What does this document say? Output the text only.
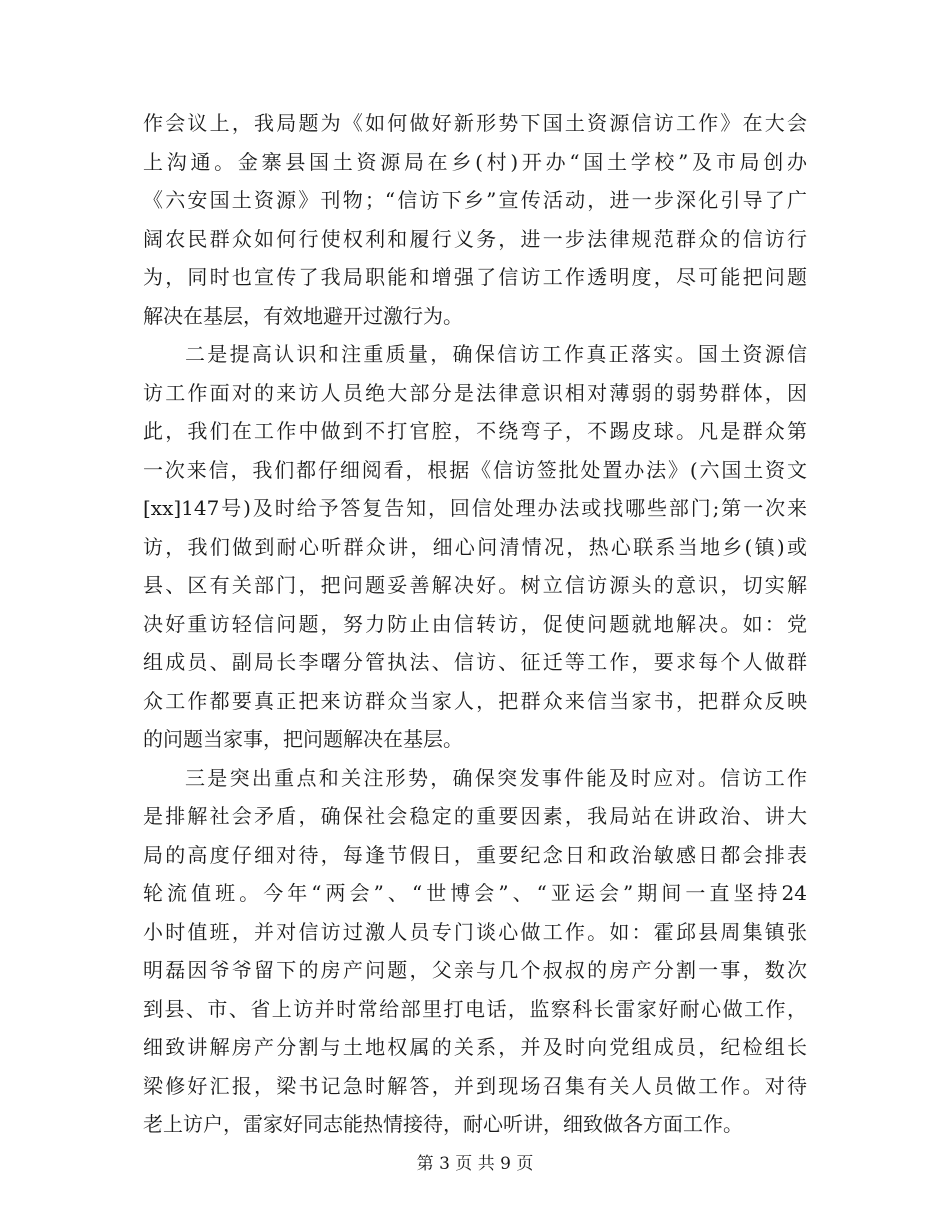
作会议上，我局题为《如何做好新形势下国土资源信访工作》在大会
上沟通。金寨县国土资源局在乡(村)开办“国土学校”及市局创办
《六安国土资源》刊物；“信访下乡”宣传活动，进一步深化引导了广
阔农民群众如何行使权利和履行义务，进一步法律规范群众的信访行
为，同时也宣传了我局职能和增强了信访工作透明度，尽可能把问题
解决在基层，有效地避开过激行为。
二是提高认识和注重质量，确保信访工作真正落实。国土资源信
访工作面对的来访人员绝大部分是法律意识相对薄弱的弱势群体，因
此，我们在工作中做到不打官腔，不绕弯子，不踢皮球。凡是群众第
一次来信，我们都仔细阅看，根据《信访签批处置办法》(六国土资文
[xx]147号)及时给予答复告知，回信处理办法或找哪些部门;第一次来
访，我们做到耐心听群众讲，细心问清情况，热心联系当地乡(镇)或
县、区有关部门，把问题妥善解决好。树立信访源头的意识，切实解
决好重访轻信问题，努力防止由信转访，促使问题就地解决。如：党
组成员、副局长李曙分管执法、信访、征迁等工作，要求每个人做群
众工作都要真正把来访群众当家人，把群众来信当家书，把群众反映
的问题当家事，把问题解决在基层。
三是突出重点和关注形势，确保突发事件能及时应对。信访工作
是排解社会矛盾，确保社会稳定的重要因素，我局站在讲政治、讲大
局的高度仔细对待，每逢节假日，重要纪念日和政治敏感日都会排表
轮流值班。今年“两会”、“世博会”、“亚运会”期间一直坚持24
小时值班，并对信访过激人员专门谈心做工作。如：霍邱县周集镇张
明磊因爷爷留下的房产问题，父亲与几个叔叔的房产分割一事，数次
到县、市、省上访并时常给部里打电话，监察科长雷家好耐心做工作，
细致讲解房产分割与土地权属的关系，并及时向党组成员，纪检组长
梁修好汇报，梁书记急时解答，并到现场召集有关人员做工作。对待
老上访户，雷家好同志能热情接待，耐心听讲，细致做各方面工作。
第 3 页 共 9 页
